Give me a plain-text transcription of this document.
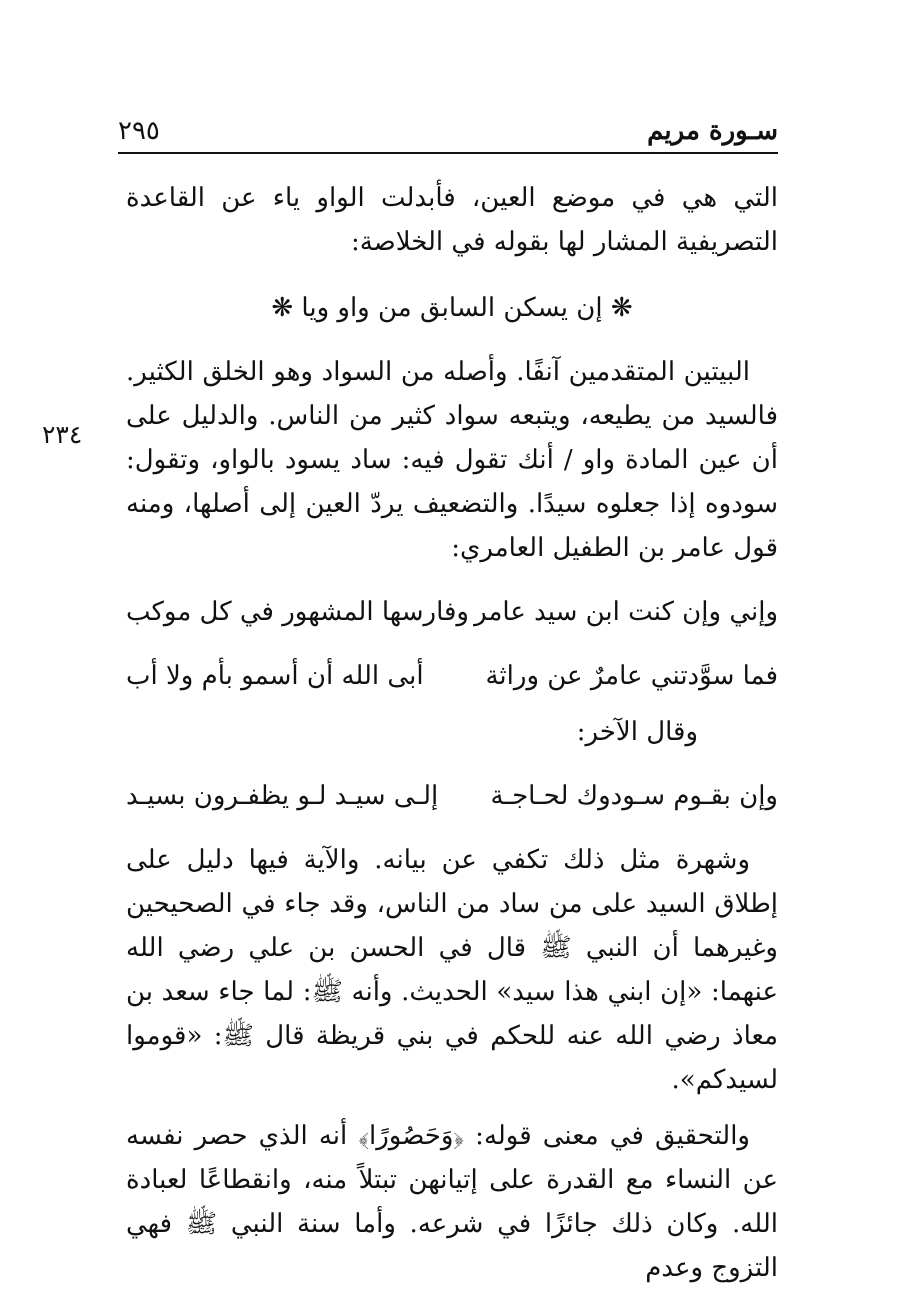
سـورة مريم
٢٩٥
٢٣٤

التي هي في موضع العين، فأبدلت الواو ياء عن القاعدة التصريفية المشار لها بقوله في الخلاصة:

❋ إن يسكن السابق من واو ويا ❋

البيتين المتقدمين آنفًا. وأصله من السواد وهو الخلق الكثير. فالسيد من يطيعه، ويتبعه سواد كثير من الناس. والدليل على أن عين المادة واو / أنك تقول فيه: ساد يسود بالواو، وتقول: سودوه إذا جعلوه سيدًا. والتضعيف يردّ العين إلى أصلها، ومنه قول عامر بن الطفيل العامري:

وإني وإن كنت ابن سيد عامر
وفارسها المشهور في كل موكب
فما سوَّدتني عامرٌ عن وراثة
أبى الله أن أسمو بأم ولا أب
وقال الآخر:
وإن بقـوم سـودوك لحـاجـة
إلـى سيـد لـو يظفـرون بسيـد

وشهرة مثل ذلك تكفي عن بيانه. والآية فيها دليل على إطلاق السيد على من ساد من الناس، وقد جاء في الصحيحين وغيرهما أن النبي ﷺ قال في الحسن بن علي رضي الله عنهما: «إن ابني هذا سيد» الحديث. وأنه ﷺ: لما جاء سعد بن معاذ رضي الله عنه للحكم في بني قريظة قال ﷺ: «قوموا لسيدكم».

والتحقيق في معنى قوله: ﴿وَحَصُورًا﴾ أنه الذي حصر نفسه عن النساء مع القدرة على إتيانهن تبتلاً منه، وانقطاعًا لعبادة الله. وكان ذلك جائزًا في شرعه. وأما سنة النبي ﷺ فهي التزوج وعدم
